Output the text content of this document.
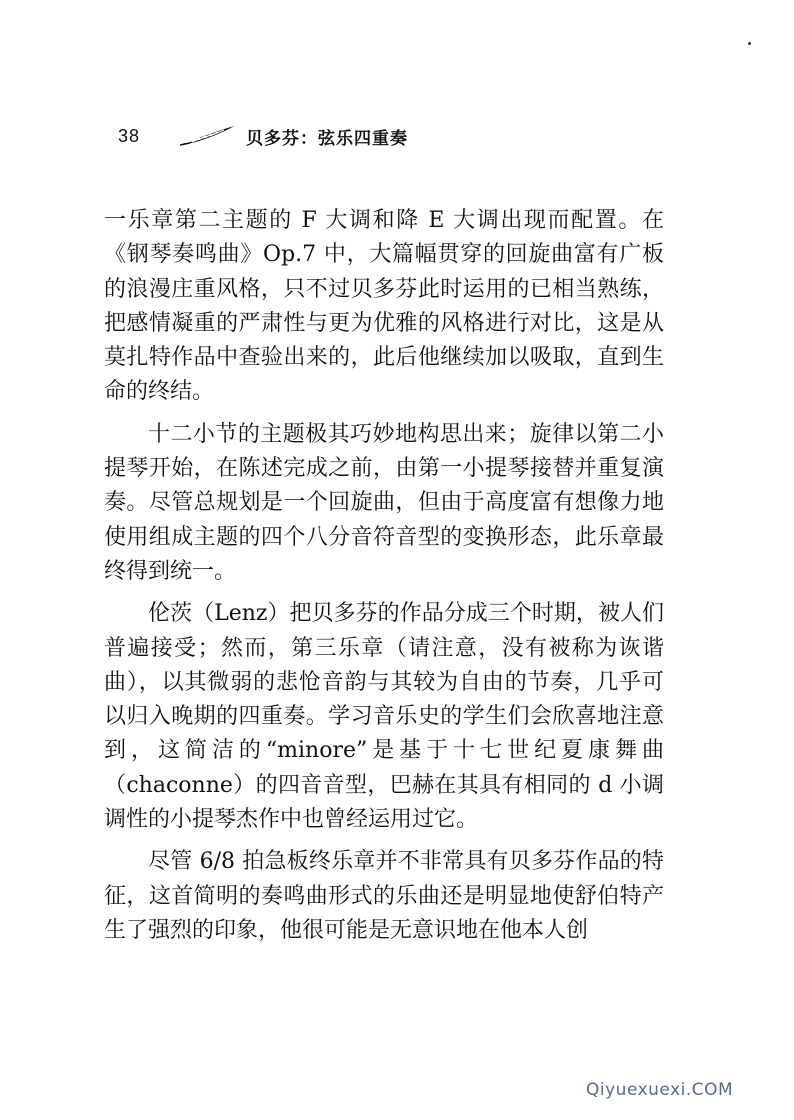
38	贝多芬：弦乐四重奏

一乐章第二主题的 F 大调和降 E 大调出现而配置。在《钢琴奏鸣曲》Op.7 中，大篇幅贯穿的回旋曲富有广板的浪漫庄重风格，只不过贝多芬此时运用的已相当熟练，把感情凝重的严肃性与更为优雅的风格进行对比，这是从莫扎特作品中查验出来的，此后他继续加以吸取，直到生命的终结。

十二小节的主题极其巧妙地构思出来；旋律以第二小提琴开始，在陈述完成之前，由第一小提琴接替并重复演奏。尽管总规划是一个回旋曲，但由于高度富有想像力地使用组成主题的四个八分音符音型的变换形态，此乐章最终得到统一。

伦茨（Lenz）把贝多芬的作品分成三个时期，被人们普遍接受；然而，第三乐章（请注意，没有被称为诙谐曲），以其微弱的悲怆音韵与其较为自由的节奏，几乎可以归入晚期的四重奏。学习音乐史的学生们会欣喜地注意到，这简洁的“minore”是基于十七世纪夏康舞曲（chaconne）的四音音型，巴赫在其具有相同的 d 小调调性的小提琴杰作中也曾经运用过它。

尽管 6/8 拍急板终乐章并不非常具有贝多芬作品的特征，这首简明的奏鸣曲形式的乐曲还是明显地使舒伯特产生了强烈的印象，他很可能是无意识地在他本人创

Qiyuexuexi.COM
